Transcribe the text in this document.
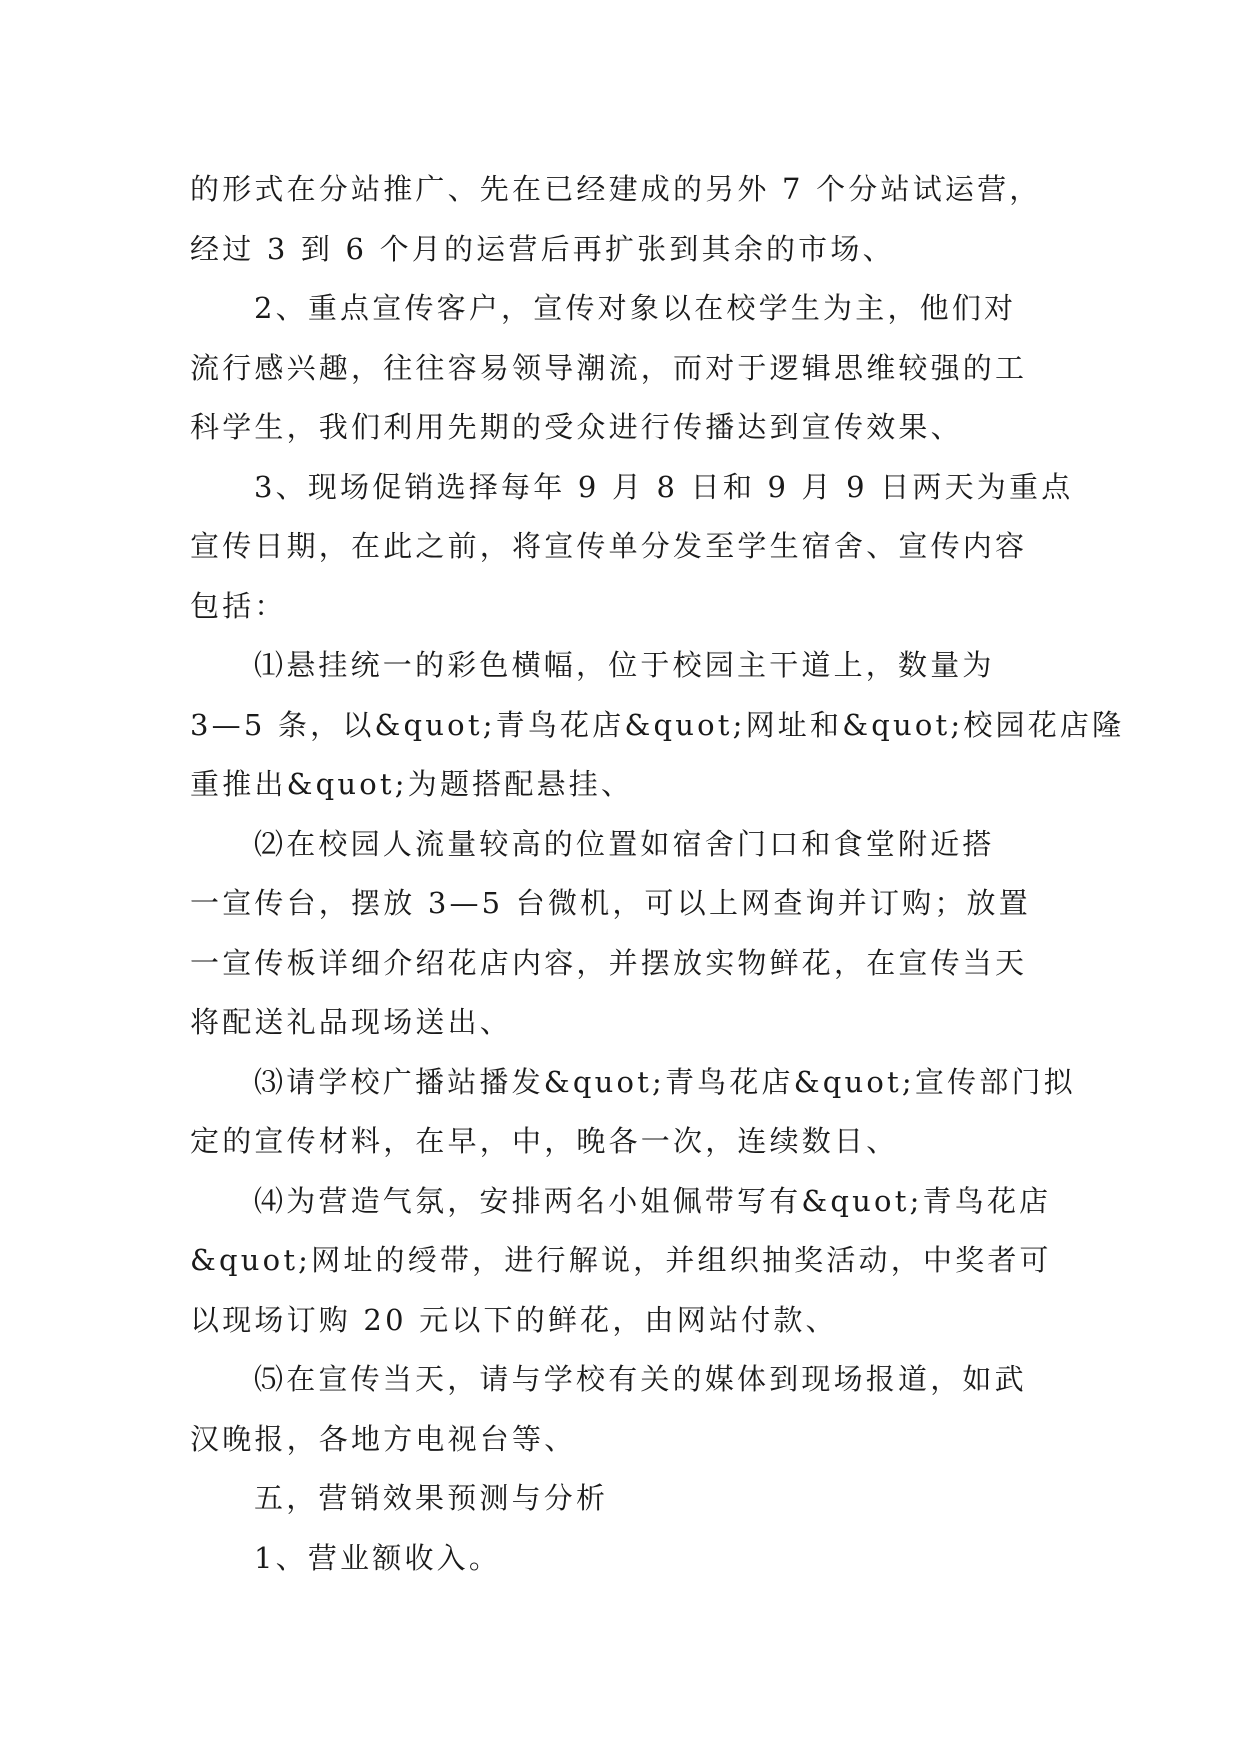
的形式在分站推广、先在已经建成的另外 7 个分站试运营，
经过 3 到 6 个月的运营后再扩张到其余的市场、
2、重点宣传客户，宣传对象以在校学生为主，他们对
流行感兴趣，往往容易领导潮流，而对于逻辑思维较强的工
科学生，我们利用先期的受众进行传播达到宣传效果、
3、现场促销选择每年 9 月 8 日和 9 月 9 日两天为重点
宣传日期，在此之前，将宣传单分发至学生宿舍、宣传内容
包括：
⑴悬挂统一的彩色横幅，位于校园主干道上，数量为
3—5 条，以&quot;青鸟花店&quot;网址和&quot;校园花店隆
重推出&quot;为题搭配悬挂、
⑵在校园人流量较高的位置如宿舍门口和食堂附近搭
一宣传台，摆放 3—5 台微机，可以上网查询并订购；放置
一宣传板详细介绍花店内容，并摆放实物鲜花，在宣传当天
将配送礼品现场送出、
⑶请学校广播站播发&quot;青鸟花店&quot;宣传部门拟
定的宣传材料，在早，中，晚各一次，连续数日、
⑷为营造气氛，安排两名小姐佩带写有&quot;青鸟花店
&quot;网址的绶带，进行解说，并组织抽奖活动，中奖者可
以现场订购 20 元以下的鲜花，由网站付款、
⑸在宣传当天，请与学校有关的媒体到现场报道，如武
汉晚报，各地方电视台等、
五，营销效果预测与分析
1、营业额收入。
